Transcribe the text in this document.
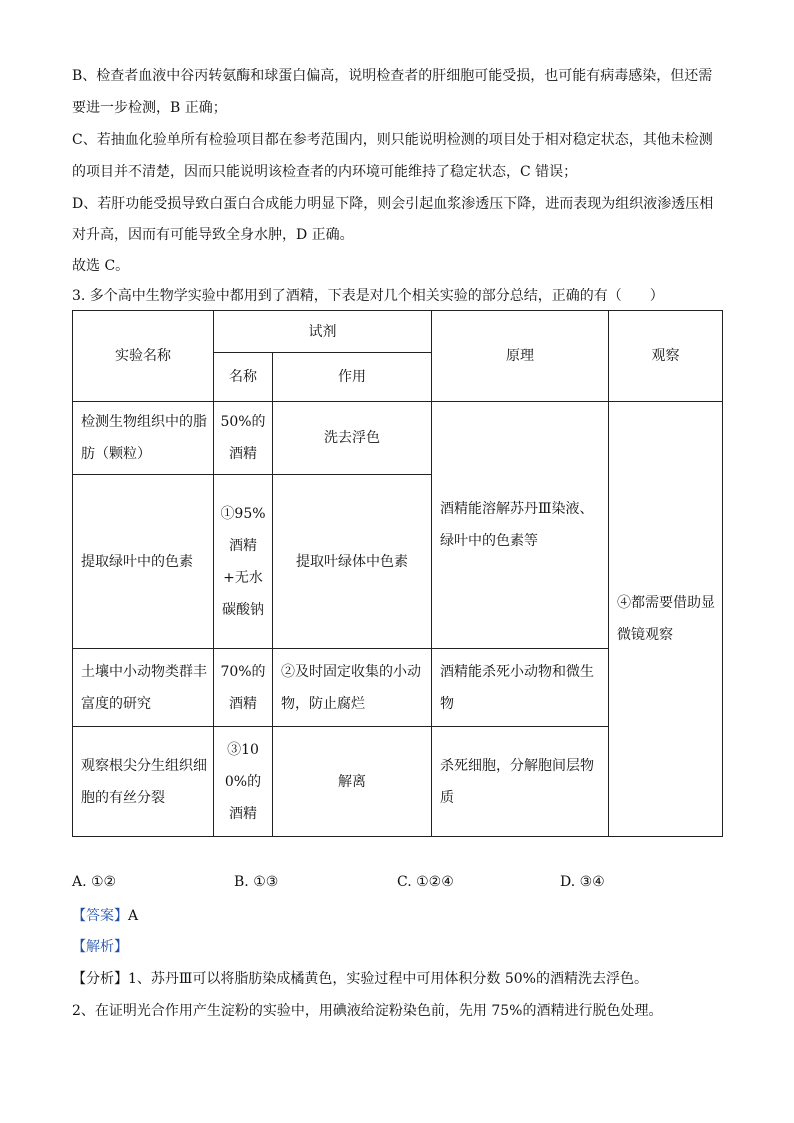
B、检查者血液中谷丙转氨酶和球蛋白偏高，说明检查者的肝细胞可能受损，也可能有病毒感染，但还需
要进一步检测，B 正确；
C、若抽血化验单所有检验项目都在参考范围内，则只能说明检测的项目处于相对稳定状态，其他未检测
的项目并不清楚，因而只能说明该检查者的内环境可能维持了稳定状态，C 错误；
D、若肝功能受损导致白蛋白合成能力明显下降，则会引起血浆渗透压下降，进而表现为组织液渗透压相
对升高，因而有可能导致全身水肿，D 正确。
故选 C。
3. 多个高中生物学实验中都用到了酒精，下表是对几个相关实验的部分总结，正确的有（　　）
实验名称	试剂		原理	观察
	名称	作用		
检测生物组织中的脂肪（颗粒）	50%的酒精	洗去浮色	酒精能溶解苏丹Ⅲ染液、绿叶中的色素等	④都需要借助显微镜观察
提取绿叶中的色素	①95%酒精+无水碳酸钠	提取叶绿体中色素		
土壤中小动物类群丰富度的研究	70%的酒精	②及时固定收集的小动物，防止腐烂	酒精能杀死小动物和微生物	
观察根尖分生组织细胞的有丝分裂	③100%的酒精	解离	杀死细胞，分解胞间层物质	
A. ①②	B. ①③	C. ①②④	D. ③④
【答案】A
【解析】
【分析】1、苏丹Ⅲ可以将脂肪染成橘黄色，实验过程中可用体积分数 50%的酒精洗去浮色。
2、在证明光合作用产生淀粉的实验中，用碘液给淀粉染色前，先用 75%的酒精进行脱色处理。
